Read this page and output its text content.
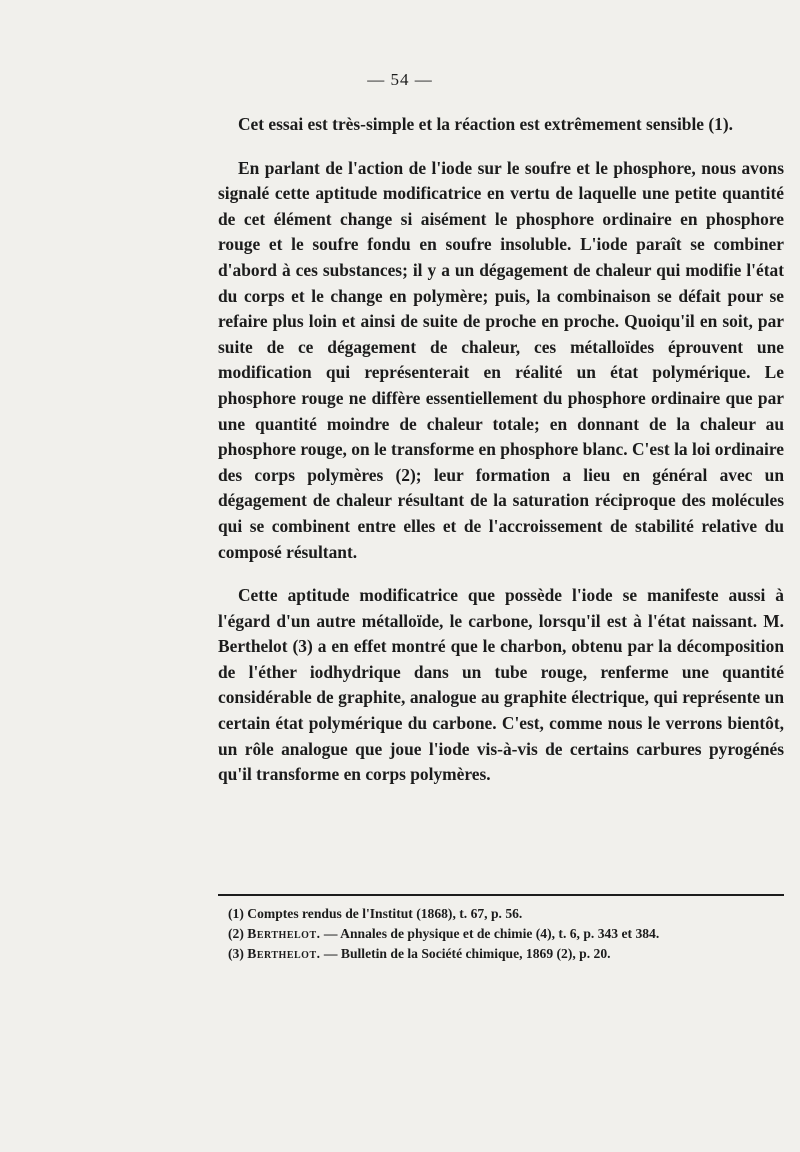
— 54 —

Cet essai est très-simple et la réaction est extrêmement sensible (1).

En parlant de l'action de l'iode sur le soufre et le phosphore, nous avons signalé cette aptitude modificatrice en vertu de laquelle une petite quantité de cet élément change si aisément le phosphore ordinaire en phosphore rouge et le soufre fondu en soufre insoluble. L'iode paraît se combiner d'abord à ces substances; il y a un dégagement de chaleur qui modifie l'état du corps et le change en polymère; puis, la combinaison se défait pour se refaire plus loin et ainsi de suite de proche en proche. Quoiqu'il en soit, par suite de ce dégagement de chaleur, ces métalloïdes éprouvent une modification qui représenterait en réalité un état polymérique. Le phosphore rouge ne diffère essentiellement du phosphore ordinaire que par une quantité moindre de chaleur totale; en donnant de la chaleur au phosphore rouge, on le transforme en phosphore blanc. C'est la loi ordinaire des corps polymères (2); leur formation a lieu en général avec un dégagement de chaleur résultant de la saturation réciproque des molécules qui se combinent entre elles et de l'accroissement de stabilité relative du composé résultant.

Cette aptitude modificatrice que possède l'iode se manifeste aussi à l'égard d'un autre métalloïde, le carbone, lorsqu'il est à l'état naissant. M. Berthelot (3) a en effet montré que le charbon, obtenu par la décomposition de l'éther iodhydrique dans un tube rouge, renferme une quantité considérable de graphite, analogue au graphite électrique, qui représente un certain état polymérique du carbone. C'est, comme nous le verrons bientôt, un rôle analogue que joue l'iode vis-à-vis de certains carbures pyrogénés qu'il transforme en corps polymères.

(1) Comptes rendus de l'Institut (1868), t. 67, p. 56.
(2) Berthelot. — Annales de physique et de chimie (4), t. 6, p. 343 et 384.
(3) Berthelot. — Bulletin de la Société chimique, 1869 (2), p. 20.
